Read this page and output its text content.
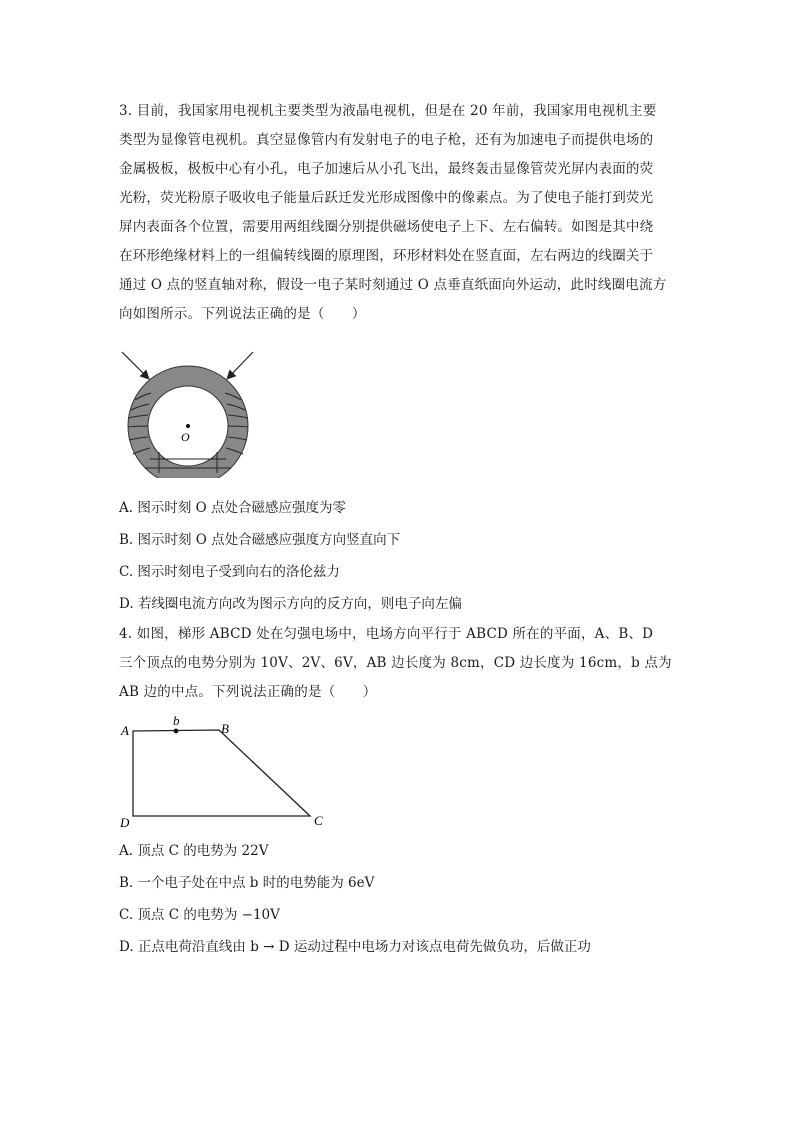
3. 目前，我国家用电视机主要类型为液晶电视机，但是在 20 年前，我国家用电视机主要

类型为显像管电视机。真空显像管内有发射电子的电子枪，还有为加速电子而提供电场的

金属极板，极板中心有小孔，电子加速后从小孔飞出，最终轰击显像管荧光屏内表面的荧

光粉，荧光粉原子吸收电子能量后跃迁发光形成图像中的像素点。为了使电子能打到荧光

屏内表面各个位置，需要用两组线圈分别提供磁场使电子上下、左右偏转。如图是其中绕

在环形绝缘材料上的一组偏转线圈的原理图，环形材料处在竖直面，左右两边的线圈关于

通过 O 点的竖直轴对称，假设一电子某时刻通过 O 点垂直纸面向外运动，此时线圈电流方

向如图所示。下列说法正确的是（　　）

O
A. 图示时刻 O 点处合磁感应强度为零
B. 图示时刻 O 点处合磁感应强度方向竖直向下
C. 图示时刻电子受到向右的洛伦兹力
D. 若线圈电流方向改为图示方向的反方向，则电子向左偏

4. 如图，梯形 ABCD 处在匀强电场中，电场方向平行于 ABCD 所在的平面，A、B、D

三个顶点的电势分别为 10V、2V、6V，AB 边长度为 8cm，CD 边长度为 16cm，b 点为

AB 边的中点。下列说法正确的是（　　）

A
b
B
C
D
A. 顶点 C 的电势为 22V
B. 一个电子处在中点 b 时的电势能为 6eV
C. 顶点 C 的电势为 −10V
D. 正点电荷沿直线由 b → D 运动过程中电场力对该点电荷先做负功，后做正功
